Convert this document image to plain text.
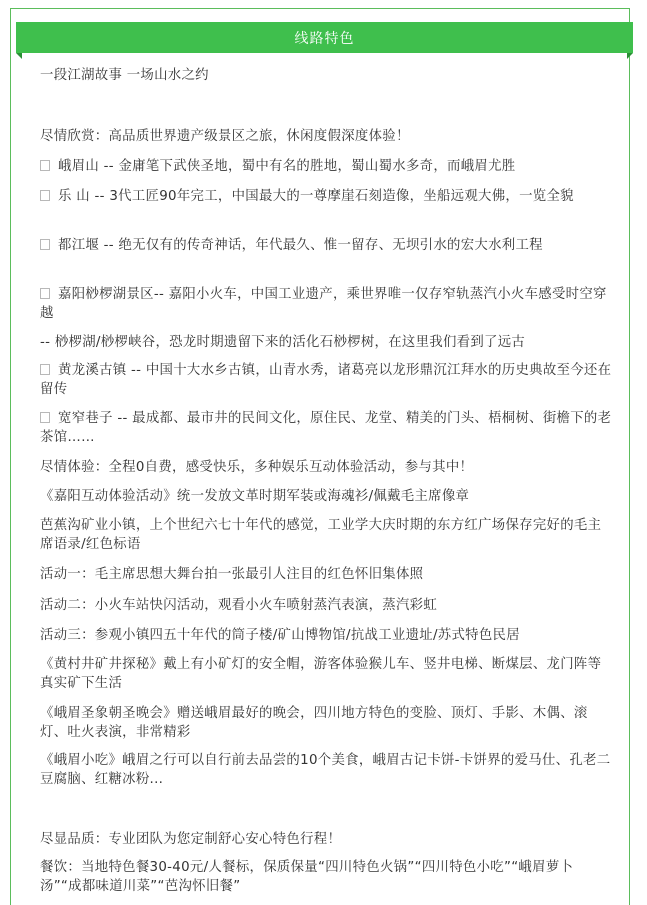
线路特色

一段江湖故事 一场山水之约

尽情欣赏：高品质世界遗产级景区之旅，休闲度假深度体验！

峨眉山 -- 金庸笔下武侠圣地，蜀中有名的胜地，蜀山蜀水多奇，而峨眉尤胜
乐 山 -- 3代工匠90年完工，中国最大的一尊摩崖石刻造像，坐船远观大佛，一览全貌
都江堰 -- 绝无仅有的传奇神话，年代最久、惟一留存、无坝引水的宏大水利工程
嘉阳桫椤湖景区-- 嘉阳小火车，中国工业遗产，乘世界唯一仅存窄轨蒸汽小火车感受时空穿越

-- 桫椤湖/桫椤峡谷，恐龙时期遗留下来的活化石桫椤树，在这里我们看到了远古

黄龙溪古镇 -- 中国十大水乡古镇，山青水秀，诸葛亮以龙形鼎沉江拜水的历史典故至今还在留传
宽窄巷子 -- 最成都、最市井的民间文化，原住民、龙堂、精美的门头、梧桐树、街檐下的老茶馆……

尽情体验：全程0自费，感受快乐，多种娱乐互动体验活动，参与其中！

《嘉阳互动体验活动》统一发放文革时期军装或海魂衫/佩戴毛主席像章

芭蕉沟矿业小镇，上个世纪六七十年代的感觉，工业学大庆时期的东方红广场保存完好的毛主席语录/红色标语

活动一：毛主席思想大舞台拍一张最引人注目的红色怀旧集体照

活动二：小火车站快闪活动，观看小火车喷射蒸汽表演，蒸汽彩虹

活动三：参观小镇四五十年代的筒子楼/矿山博物馆/抗战工业遗址/苏式特色民居

《黄村井矿井探秘》戴上有小矿灯的安全帽，游客体验猴儿车、竖井电梯、断煤层、龙门阵等真实矿下生活

《峨眉圣象朝圣晚会》赠送峨眉最好的晚会，四川地方特色的变脸、顶灯、手影、木偶、滚灯、吐火表演，非常精彩

《峨眉小吃》峨眉之行可以自行前去品尝的10个美食，峨眉古记卡饼-卡饼界的爱马仕、孔老二豆腐脑、红糖冰粉...

尽显品质：专业团队为您定制舒心安心特色行程！

餐饮：当地特色餐30-40元/人餐标，保质保量“四川特色火锅”“四川特色小吃”“峨眉萝卜汤”“成都味道川菜”“芭沟怀旧餐”
